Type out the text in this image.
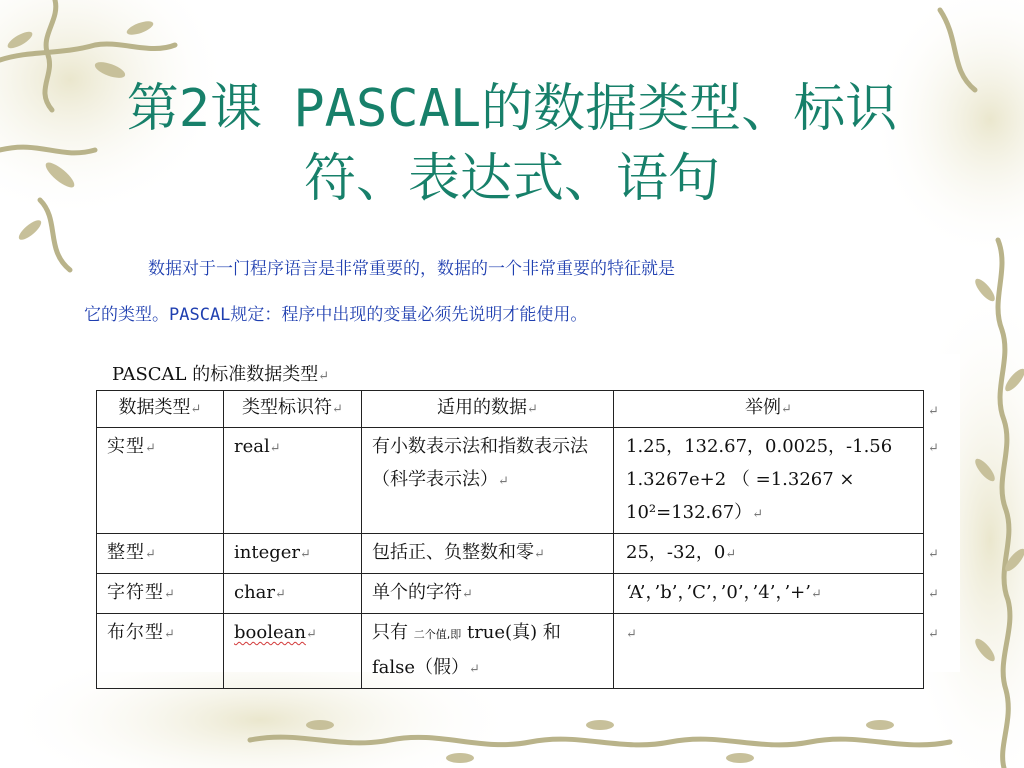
第2课 PASCAL的数据类型、标识
符、表达式、语句
数据对于一门程序语言是非常重要的，数据的一个非常重要的特征就是
它的类型。PASCAL规定：程序中出现的变量必须先说明才能使用。
PASCAL 的标准数据类型↵
数据类型↵	类型标识符↵	适用的数据↵	举例↵	↵
实型↵	real↵	有小数表示法和指数表示法（科学表示法）↵	1.25，132.67，0.0025，-1.56 1.3267e+2 （ =1.3267 × 10²=132.67）↵	↵
整型↵	integer↵	包括正、负整数和零↵	25，-32，0↵	↵
字符型↵	char↵	单个的字符↵	‘A’，’b’，’C’，’0’，’4’，’+’↵	↵
布尔型↵	boolean↵	只有 二个值,即 true(真) 和 false（假）↵	↵	↵
